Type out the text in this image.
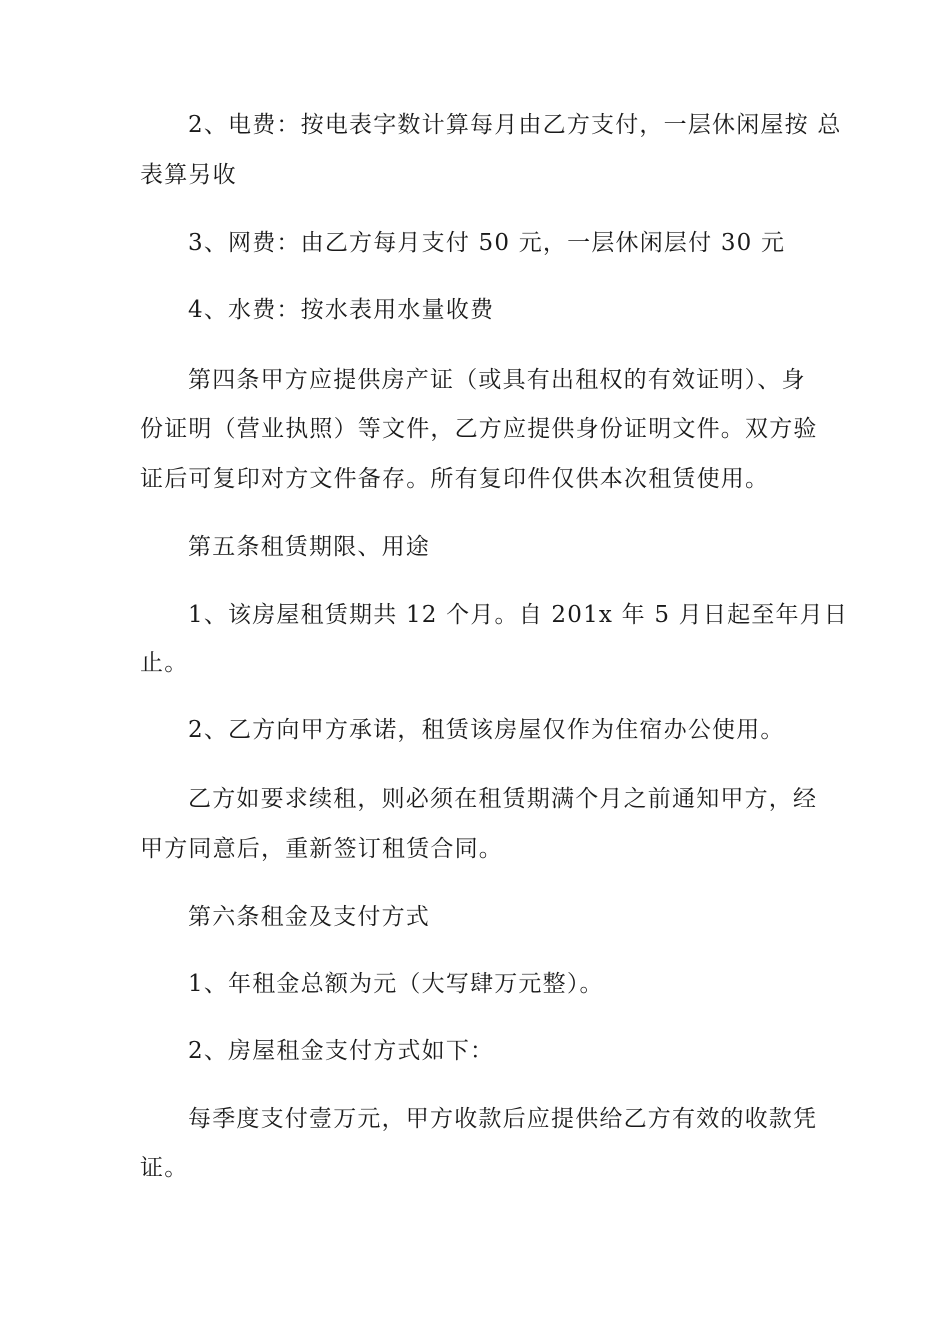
2、电费：按电表字数计算每月由乙方支付，一层休闲屋按 总
表算另收
3、网费：由乙方每月支付 50 元，一层休闲层付 30 元
4、水费：按水表用水量收费
第四条甲方应提供房产证（或具有出租权的有效证明）、身
份证明（营业执照）等文件，乙方应提供身份证明文件。双方验
证后可复印对方文件备存。所有复印件仅供本次租赁使用。
第五条租赁期限、用途
1、该房屋租赁期共 12 个月。自 201x 年 5 月日起至年月日
止。
2、乙方向甲方承诺，租赁该房屋仅作为住宿办公使用。
乙方如要求续租，则必须在租赁期满个月之前通知甲方，经
甲方同意后，重新签订租赁合同。
第六条租金及支付方式
1、年租金总额为元（大写肆万元整）。
2、房屋租金支付方式如下：
每季度支付壹万元，甲方收款后应提供给乙方有效的收款凭
证。
